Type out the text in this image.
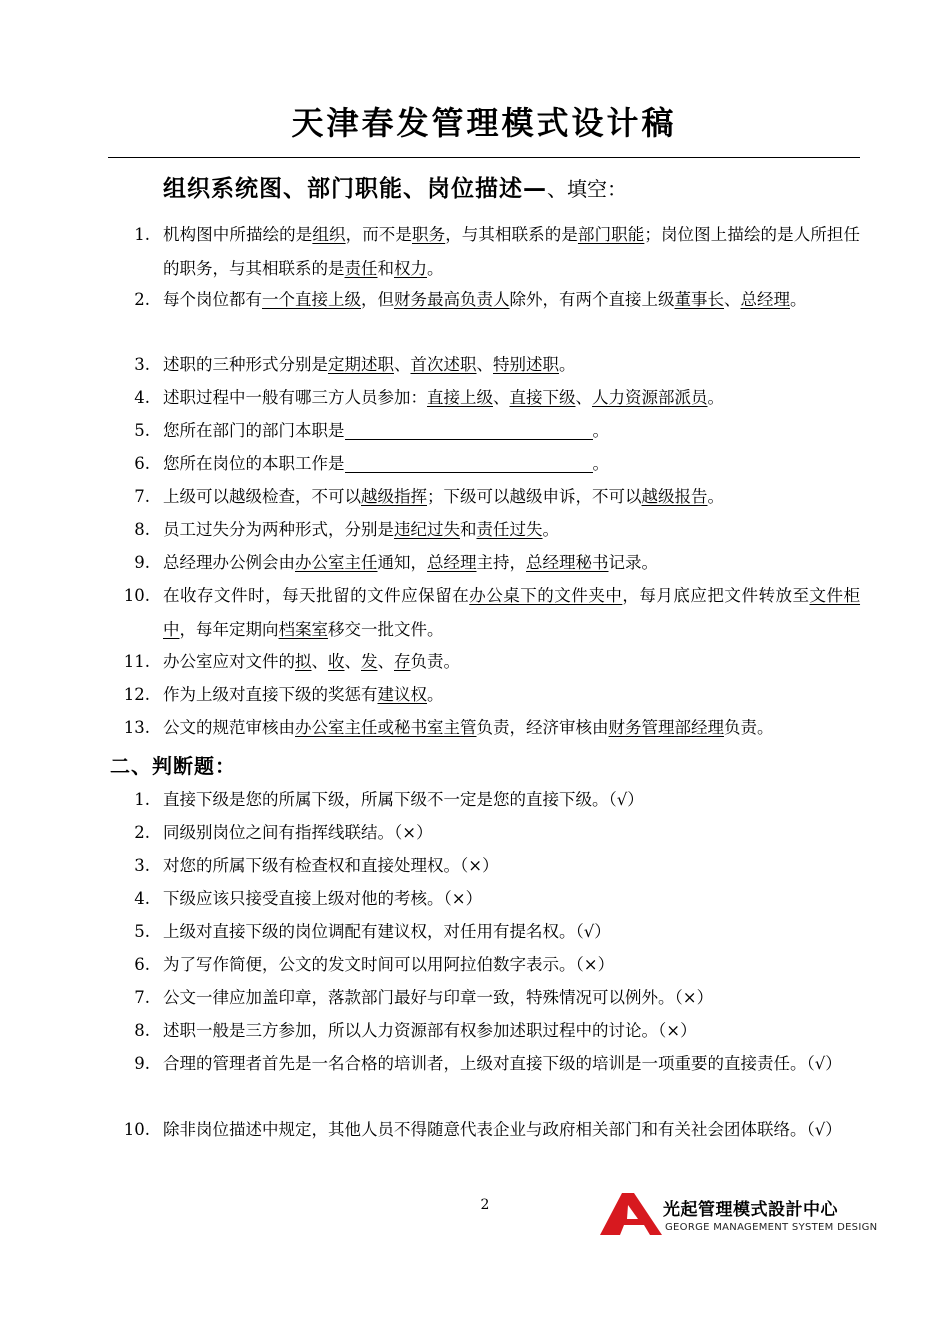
天津春发管理模式设计稿
组织系统图、部门职能、岗位描述—、填空：
1. 机构图中所描绘的是组织，而不是职务，与其相联系的是部门职能；岗位图上描绘的是人所担任的职务，与其相联系的是责任和权力。
2. 每个岗位都有一个直接上级，但财务最高负责人除外，有两个直接上级董事长、总经理。
3. 述职的三种形式分别是定期述职、首次述职、特别述职。
4. 述职过程中一般有哪三方人员参加：直接上级、直接下级、人力资源部派员。
5. 您所在部门的部门本职是	。
6. 您所在岗位的本职工作是	。
7. 上级可以越级检查，不可以越级指挥；下级可以越级申诉，不可以越级报告。
8. 员工过失分为两种形式，分别是违纪过失和责任过失。
9. 总经理办公例会由办公室主任通知，总经理主持，总经理秘书记录。
10. 在收存文件时，每天批留的文件应保留在办公桌下的文件夹中，每月底应把文件转放至文件柜中，每年定期向档案室移交一批文件。
11. 办公室应对文件的拟、收、发、存负责。
12. 作为上级对直接下级的奖惩有建议权。
13. 公文的规范审核由办公室主任或秘书室主管负责，经济审核由财务管理部经理负责。
二、判断题：
1. 直接下级是您的所属下级，所属下级不一定是您的直接下级。（√）
2. 同级别岗位之间有指挥线联结。（×）
3. 对您的所属下级有检查权和直接处理权。（×）
4. 下级应该只接受直接上级对他的考核。（×）
5. 上级对直接下级的岗位调配有建议权，对任用有提名权。（√）
6. 为了写作简便，公文的发文时间可以用阿拉伯数字表示。（×）
7. 公文一律应加盖印章，落款部门最好与印章一致，特殊情况可以例外。（×）
8. 述职一般是三方参加，所以人力资源部有权参加述职过程中的讨论。（×）
9. 合理的管理者首先是一名合格的培训者，上级对直接下级的培训是一项重要的直接责任。（√）
10. 除非岗位描述中规定，其他人员不得随意代表企业与政府相关部门和有关社会团体联络。（√）
2	光起管理模式設計中心
GEORGE MANAGEMENT SYSTEM DESIGN
